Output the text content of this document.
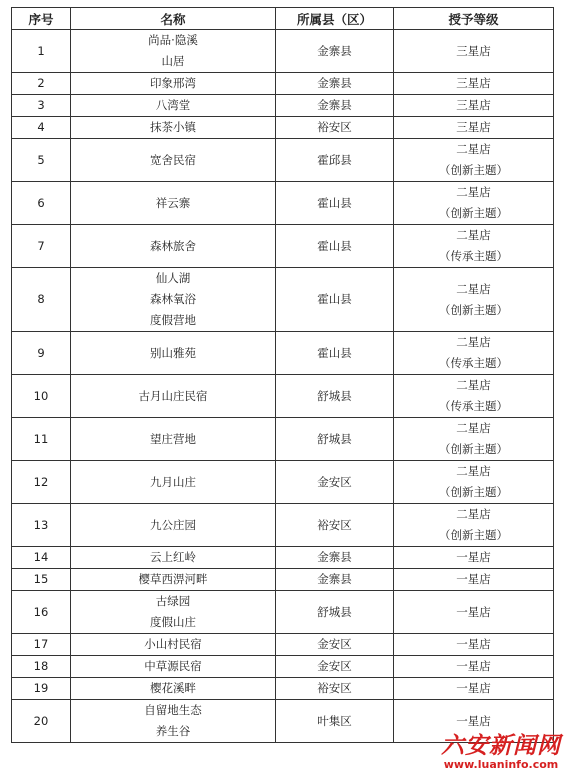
序号	名称	所属县（区）	授予等级
1	尚品·隐溪
山居	金寨县	三星店

2	印象邢湾	金寨县	三星店

3	八湾堂	金寨县	三星店

4	抹茶小镇	裕安区	三星店

5	宽舍民宿	霍邱县	二星店
（创新主题）

6	祥云寨	霍山县	二星店
（创新主题）

7	森林旅舍	霍山县	二星店
（传承主题）

8	仙人湖
森林氧浴
度假营地	霍山县	二星店
（创新主题）

9	别山雅苑	霍山县	二星店
（传承主题）

10	古月山庄民宿	舒城县	二星店
（传承主题）

11	望庄营地	舒城县	二星店
（创新主题）

12	九月山庄	金安区	二星店
（创新主题）

13	九公庄园	裕安区	二星店
（创新主题）

14	云上红岭	金寨县	一星店

15	樱草西淠河畔	金寨县	一星店

16	古绿园
度假山庄	舒城县	一星店

17	小山村民宿	金安区	一星店

18	中草源民宿	金安区	一星店

19	樱花溪畔	裕安区	一星店

20	自留地生态
养生谷	叶集区	一星店
六安新闻网
www.luaninfo.com
